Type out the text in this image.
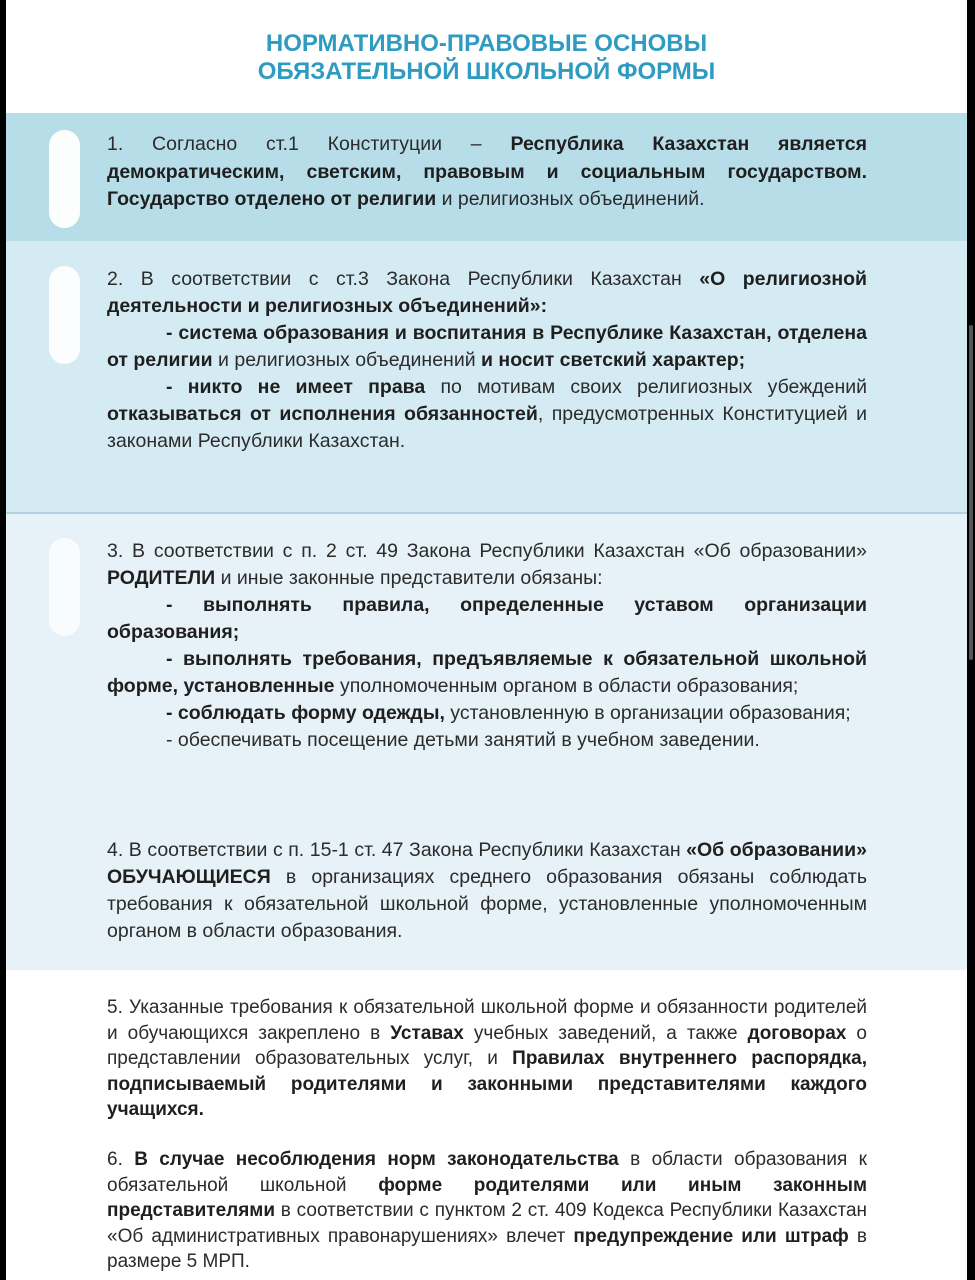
НОРМАТИВНО-ПРАВОВЫЕ ОСНОВЫ
ОБЯЗАТЕЛЬНОЙ ШКОЛЬНОЙ ФОРМЫ

1. Согласно ст.1 Конституции – Республика Казахстан является демократическим, светским, правовым и социальным государством. Государство отделено от религии и религиозных объединений.

2. В соответствии с ст.3 Закона Республики Казахстан «О религиозной деятельности и религиозных объединений»:

- система образования и воспитания в Республике Казахстан, отделена от религии и религиозных объединений и носит светский характер;

- никто не имеет права по мотивам своих религиозных убеждений отказываться от исполнения обязанностей, предусмотренных Конституцией и законами Республики Казахстан.

3. В соответствии с п. 2 ст. 49 Закона Республики Казахстан «Об образовании» РОДИТЕЛИ и иные законные представители обязаны:

- выполнять правила, определенные уставом организации образования;

- выполнять требования, предъявляемые к обязательной школьной форме, установленные уполномоченным органом в области образования;

- соблюдать форму одежды, установленную в организации образования;

- обеспечивать посещение детьми занятий в учебном заведении.

4. В соответствии с п. 15-1 ст. 47 Закона Республики Казахстан «Об образовании» ОБУЧАЮЩИЕСЯ в организациях среднего образования обязаны соблюдать требования к обязательной школьной форме, установленные уполномоченным органом в области образования.

5. Указанные требования к обязательной школьной форме и обязанности родителей и обучающихся закреплено в Уставах учебных заведений, а также договорах о представлении образовательных услуг, и Правилах внутреннего распорядка, подписываемый родителями и законными представителями каждого учащихся.

6. В случае несоблюдения норм законодательства в области образования к обязательной школьной форме родителями или иным законным представителями в соответствии с пунктом 2 ст. 409 Кодекса Республики Казахстан «Об административных правонарушениях» влечет предупреждение или штраф в размере 5 МРП.
